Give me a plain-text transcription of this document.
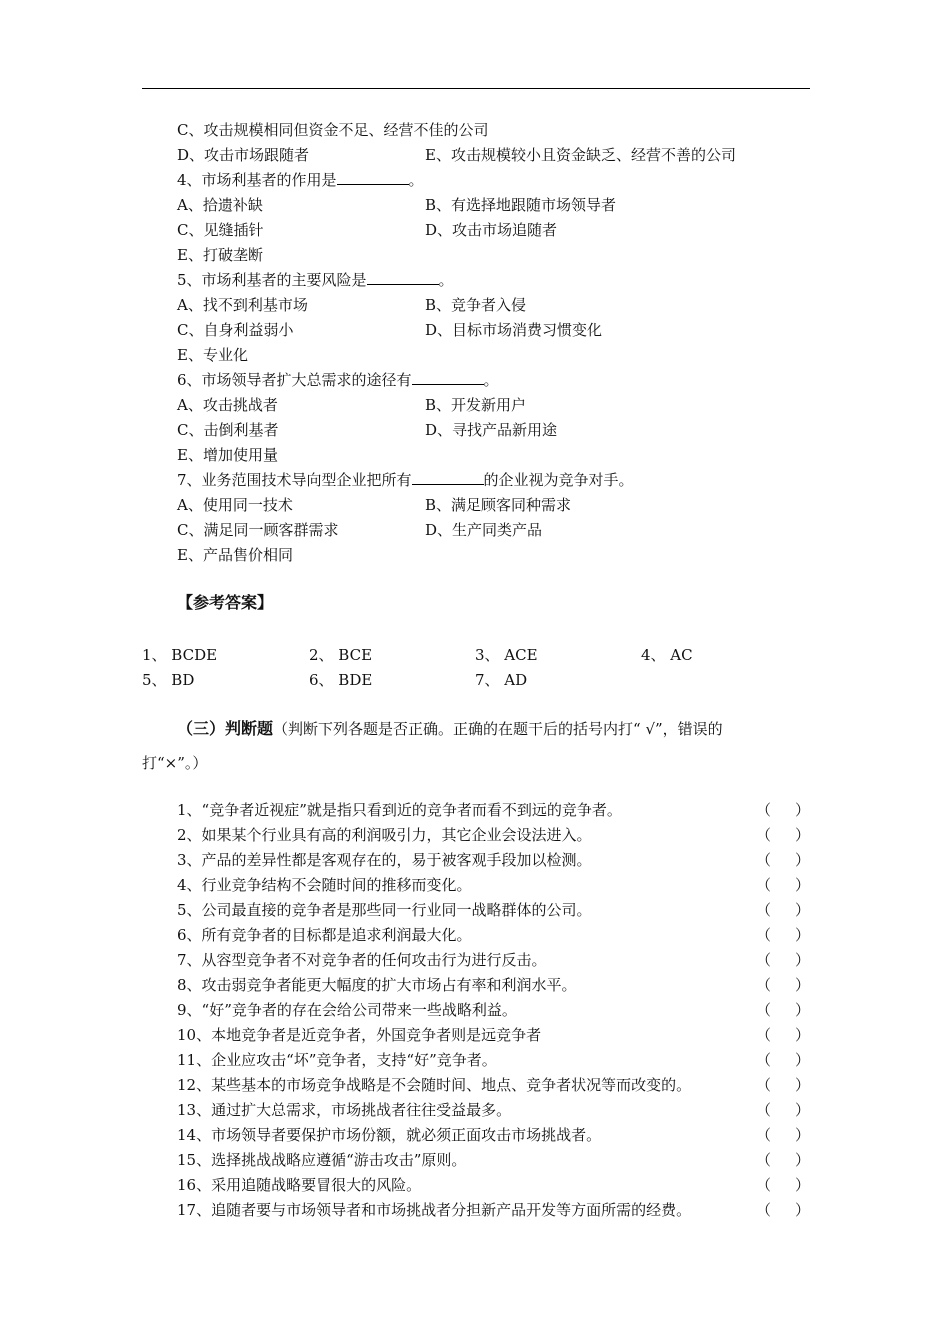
C、攻击规模相同但资金不足、经营不佳的公司
D、攻击市场跟随者	E、攻击规模较小且资金缺乏、经营不善的公司
4、市场利基者的作用是	。
A、拾遗补缺	B、有选择地跟随市场领导者
C、见缝插针	D、攻击市场追随者
E、打破垄断
5、市场利基者的主要风险是	。
A、找不到利基市场	B、竞争者入侵
C、自身利益弱小	D、目标市场消费习惯变化
E、专业化
6、市场领导者扩大总需求的途径有	。
A、攻击挑战者	B、开发新用户
C、击倒利基者	D、寻找产品新用途
E、增加使用量
7、业务范围技术导向型企业把所有	的企业视为竞争对手。
A、使用同一技术	B、满足顾客同种需求
C、满足同一顾客群需求	D、生产同类产品
E、产品售价相同
【参考答案】
1、 BCDE	2、 BCE	3、 ACE	4、 AC
5、 BD	6、 BDE	7、 AD
（三）判断题（判断下列各题是否正确。正确的在题干后的括号内打“ √”，错误的
打“×”。）
1、“竞争者近视症”就是指只看到近的竞争者而看不到远的竞争者。	（ ）
2、如果某个行业具有高的利润吸引力，其它企业会设法进入。	（ ）
3、产品的差异性都是客观存在的，易于被客观手段加以检测。	（ ）
4、行业竞争结构不会随时间的推移而变化。	（ ）
5、公司最直接的竞争者是那些同一行业同一战略群体的公司。	（ ）
6、所有竞争者的目标都是追求利润最大化。	（ ）
7、从容型竞争者不对竞争者的任何攻击行为进行反击。	（ ）
8、攻击弱竞争者能更大幅度的扩大市场占有率和利润水平。	（ ）
9、“好”竞争者的存在会给公司带来一些战略利益。	（ ）
10、本地竞争者是近竞争者，外国竞争者则是远竞争者	（ ）
11、企业应攻击“坏”竞争者，支持“好”竞争者。	（ ）
12、某些基本的市场竞争战略是不会随时间、地点、竞争者状况等而改变的。	（ ）
13、通过扩大总需求，市场挑战者往往受益最多。	（ ）
14、市场领导者要保护市场份额，就必须正面攻击市场挑战者。	（ ）
15、选择挑战战略应遵循“游击攻击”原则。	（ ）
16、采用追随战略要冒很大的风险。	（ ）
17、追随者要与市场领导者和市场挑战者分担新产品开发等方面所需的经费。	（ ）
